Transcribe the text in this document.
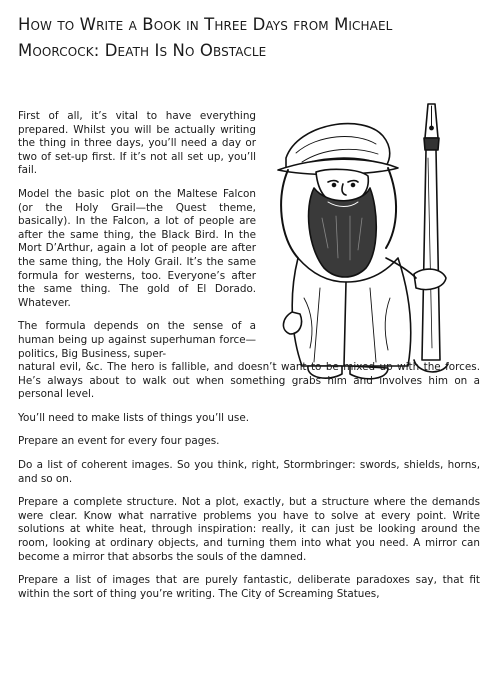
How to Write a Book in Three Days from Michael
Moorcock: Death Is No Obstacle

First of all, it’s vital to have everything prepared. Whilst you will be actually writing the thing in three days, you’ll need a day or two of set-up first. If it’s not all set up, you’ll fail.

Model the basic plot on the Maltese Falcon (or the Holy Grail—the Quest theme, basically). In the Falcon, a lot of people are after the same thing, the Black Bird. In the Mort D’Arthur, again a lot of people are after the same thing, the Holy Grail. It’s the same formula for westerns, too. Everyone’s after the same thing. The gold of El Dorado. Whatever.

The formula depends on the sense of a human being up against superhuman force—politics, Big Business, super-

natural evil, &c. The hero is fallible, and doesn’t want to be mixed up with the forces. He’s always about to walk out when something grabs him and involves him on a personal level.

You’ll need to make lists of things you’ll use.

Prepare an event for every four pages.

Do a list of coherent images. So you think, right, Stormbringer: swords, shields, horns, and so on.

Prepare a complete structure. Not a plot, exactly, but a structure where the demands were clear. Know what narrative problems you have to solve at every point. Write solutions at white heat, through inspiration: really, it can just be looking around the room, looking at ordinary objects, and turning them into what you need. A mirror can become a mirror that absorbs the souls of the damned.

Prepare a list of images that are purely fantastic, deliberate paradoxes say, that fit within the sort of thing you’re writing. The City of Screaming Statues,
